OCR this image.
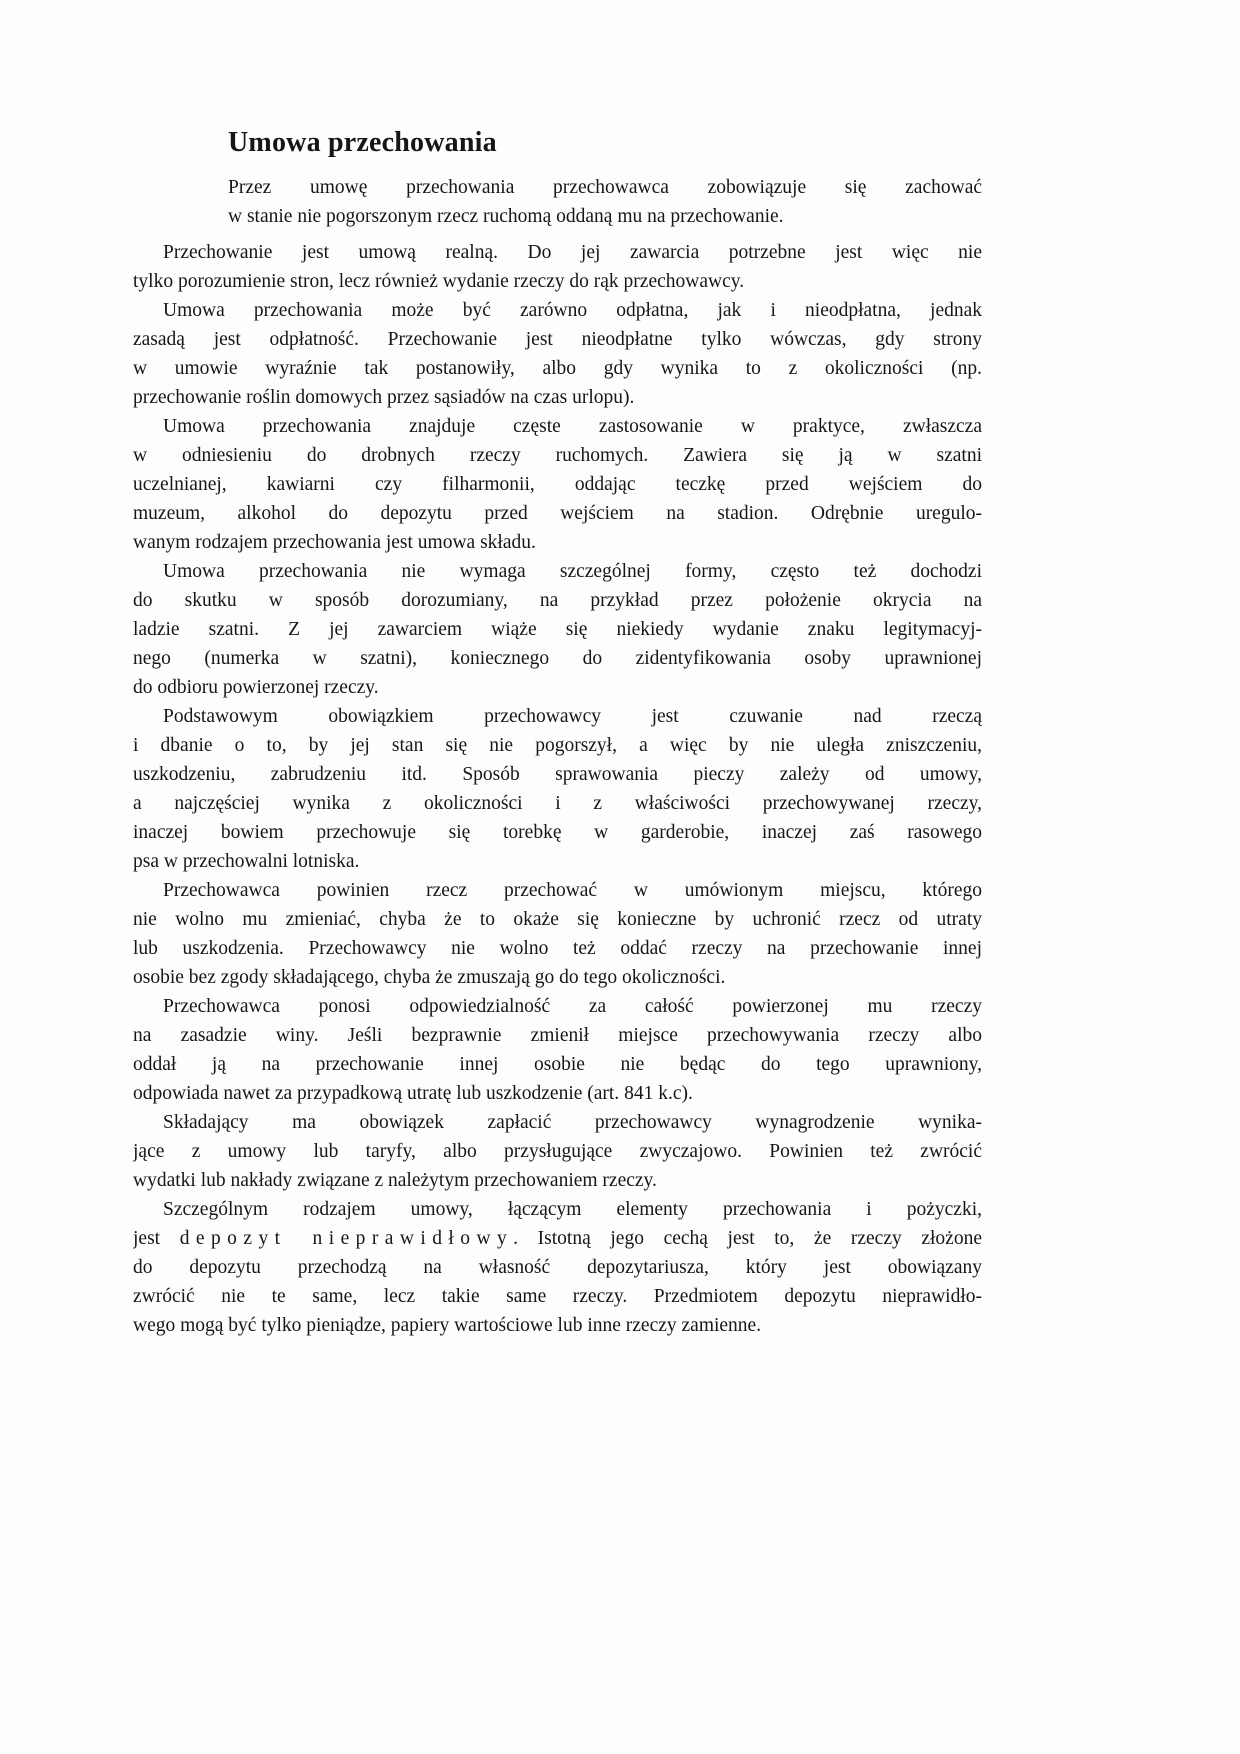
Umowa przechowania
Przez umowę przechowania przechowawca zobowiązuje się zachować
w stanie nie pogorszonym rzecz ruchomą oddaną mu na przechowanie.
Przechowanie jest umową realną. Do jej zawarcia potrzebne jest więc nie
tylko porozumienie stron, lecz również wydanie rzeczy do rąk przechowawcy.
Umowa przechowania może być zarówno odpłatna, jak i nieodpłatna, jednak
zasadą jest odpłatność. Przechowanie jest nieodpłatne tylko wówczas, gdy strony
w umowie wyraźnie tak postanowiły, albo gdy wynika to z okoliczności (np.
przechowanie roślin domowych przez sąsiadów na czas urlopu).
Umowa przechowania znajduje częste zastosowanie w praktyce, zwłaszcza
w odniesieniu do drobnych rzeczy ruchomych. Zawiera się ją w szatni
uczelnianej, kawiarni czy filharmonii, oddając teczkę przed wejściem do
muzeum, alkohol do depozytu przed wejściem na stadion. Odrębnie uregulo-
wanym rodzajem przechowania jest umowa składu.
Umowa przechowania nie wymaga szczególnej formy, często też dochodzi
do skutku w sposób dorozumiany, na przykład przez położenie okrycia na
ladzie szatni. Z jej zawarciem wiąże się niekiedy wydanie znaku legitymacyj-
nego (numerka w szatni), koniecznego do zidentyfikowania osoby uprawnionej
do odbioru powierzonej rzeczy.
Podstawowym obowiązkiem przechowawcy jest czuwanie nad rzeczą
i dbanie o to, by jej stan się nie pogorszył, a więc by nie uległa zniszczeniu,
uszkodzeniu, zabrudzeniu itd. Sposób sprawowania pieczy zależy od umowy,
a najczęściej wynika z okoliczności i z właściwości przechowywanej rzeczy,
inaczej bowiem przechowuje się torebkę w garderobie, inaczej zaś rasowego
psa w przechowalni lotniska.
Przechowawca powinien rzecz przechować w umówionym miejscu, którego
nie wolno mu zmieniać, chyba że to okaże się konieczne by uchronić rzecz od utraty
lub uszkodzenia. Przechowawcy nie wolno też oddać rzeczy na przechowanie innej
osobie bez zgody składającego, chyba że zmuszają go do tego okoliczności.
Przechowawca ponosi odpowiedzialność za całość powierzonej mu rzeczy
na zasadzie winy. Jeśli bezprawnie zmienił miejsce przechowywania rzeczy albo
oddał ją na przechowanie innej osobie nie będąc do tego uprawniony,
odpowiada nawet za przypadkową utratę lub uszkodzenie (art. 841 k.c).
Składający ma obowiązek zapłacić przechowawcy wynagrodzenie wynika-
jące z umowy lub taryfy, albo przysługujące zwyczajowo. Powinien też zwrócić
wydatki lub nakłady związane z należytym przechowaniem rzeczy.
Szczególnym rodzajem umowy, łączącym elementy przechowania i pożyczki,
jest depozyt nieprawidłowy. Istotną jego cechą jest to, że rzeczy złożone
do depozytu przechodzą na własność depozytariusza, który jest obowiązany
zwrócić nie te same, lecz takie same rzeczy. Przedmiotem depozytu nieprawidło-
wego mogą być tylko pieniądze, papiery wartościowe lub inne rzeczy zamienne.
